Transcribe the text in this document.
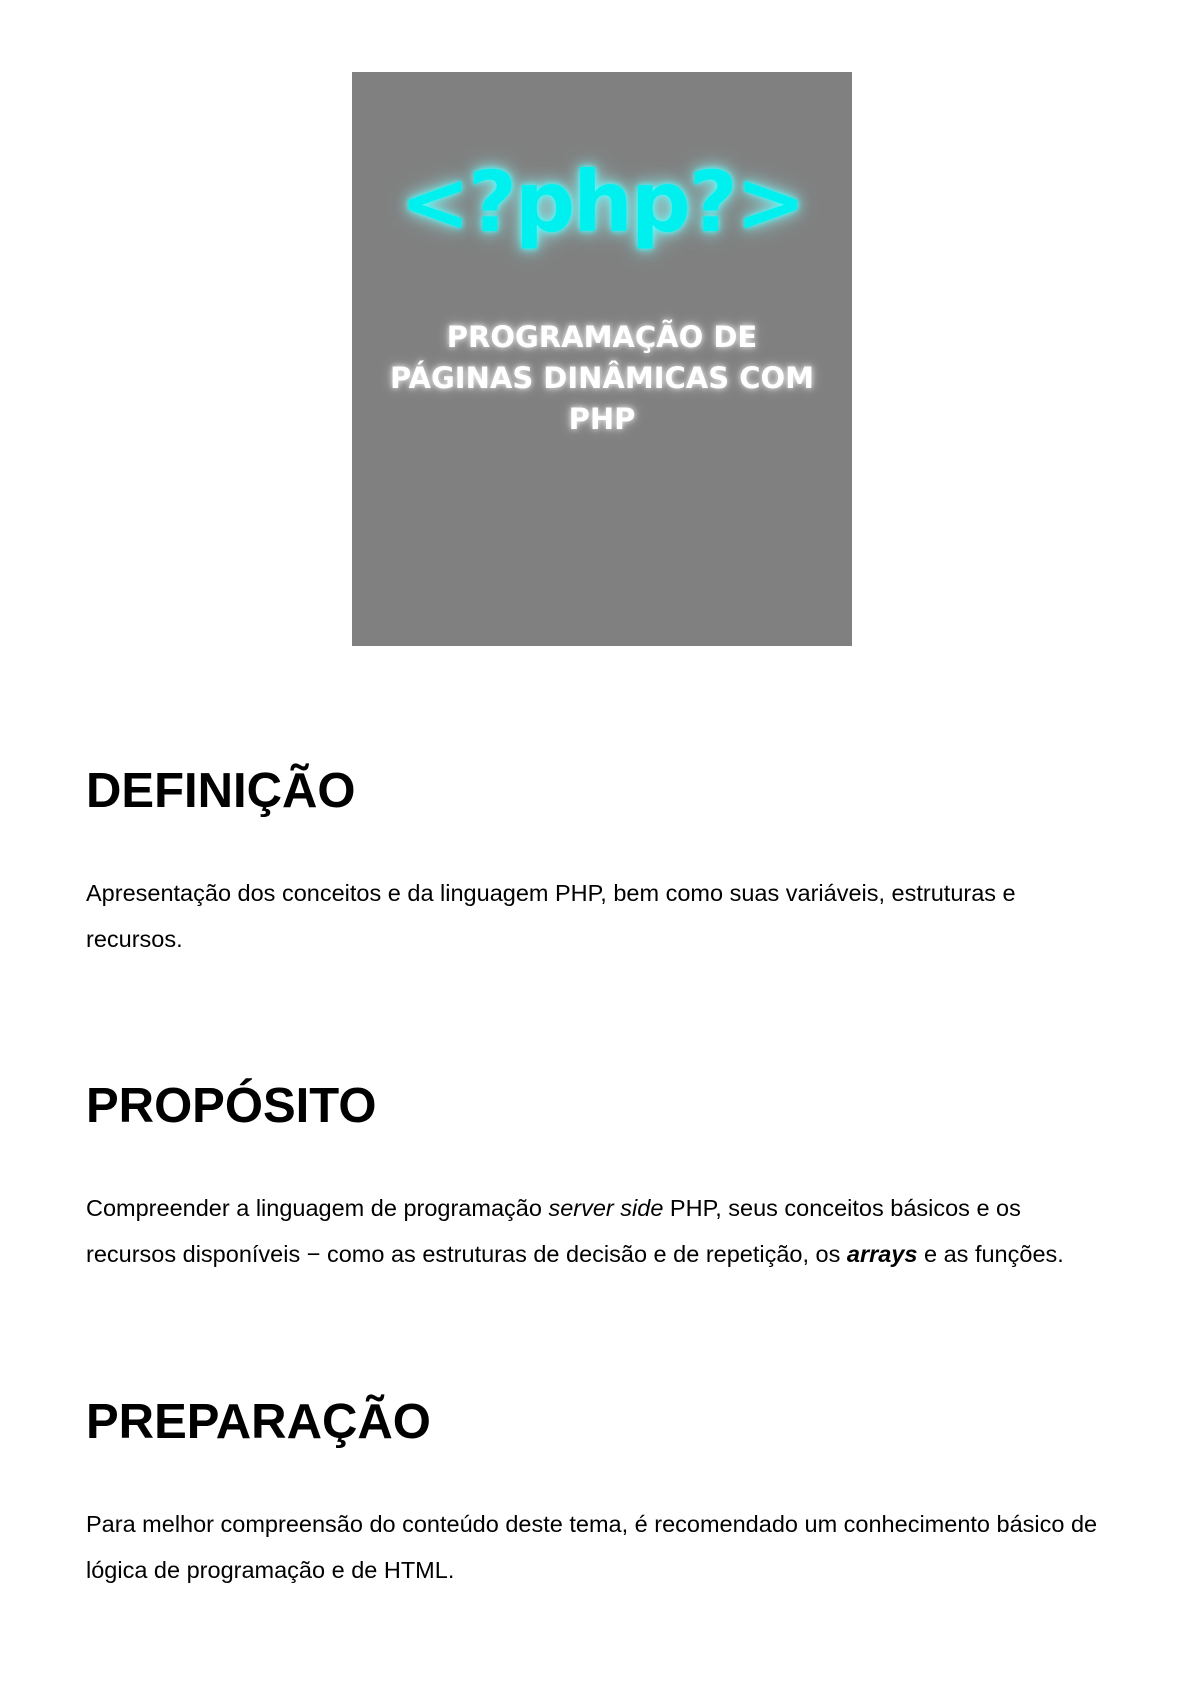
<?php?>
PROGRAMAÇÃO DE
PÁGINAS DINÂMICAS COM PHP
DEFINIÇÃO

Apresentação dos conceitos e da linguagem PHP, bem como suas variáveis, estruturas e recursos.

PROPÓSITO

Compreender a linguagem de programação server side PHP, seus conceitos básicos e os recursos disponíveis − como as estruturas de decisão e de repetição, os arrays e as funções.

PREPARAÇÃO

Para melhor compreensão do conteúdo deste tema, é recomendado um conhecimento básico de lógica de programação e de HTML.
